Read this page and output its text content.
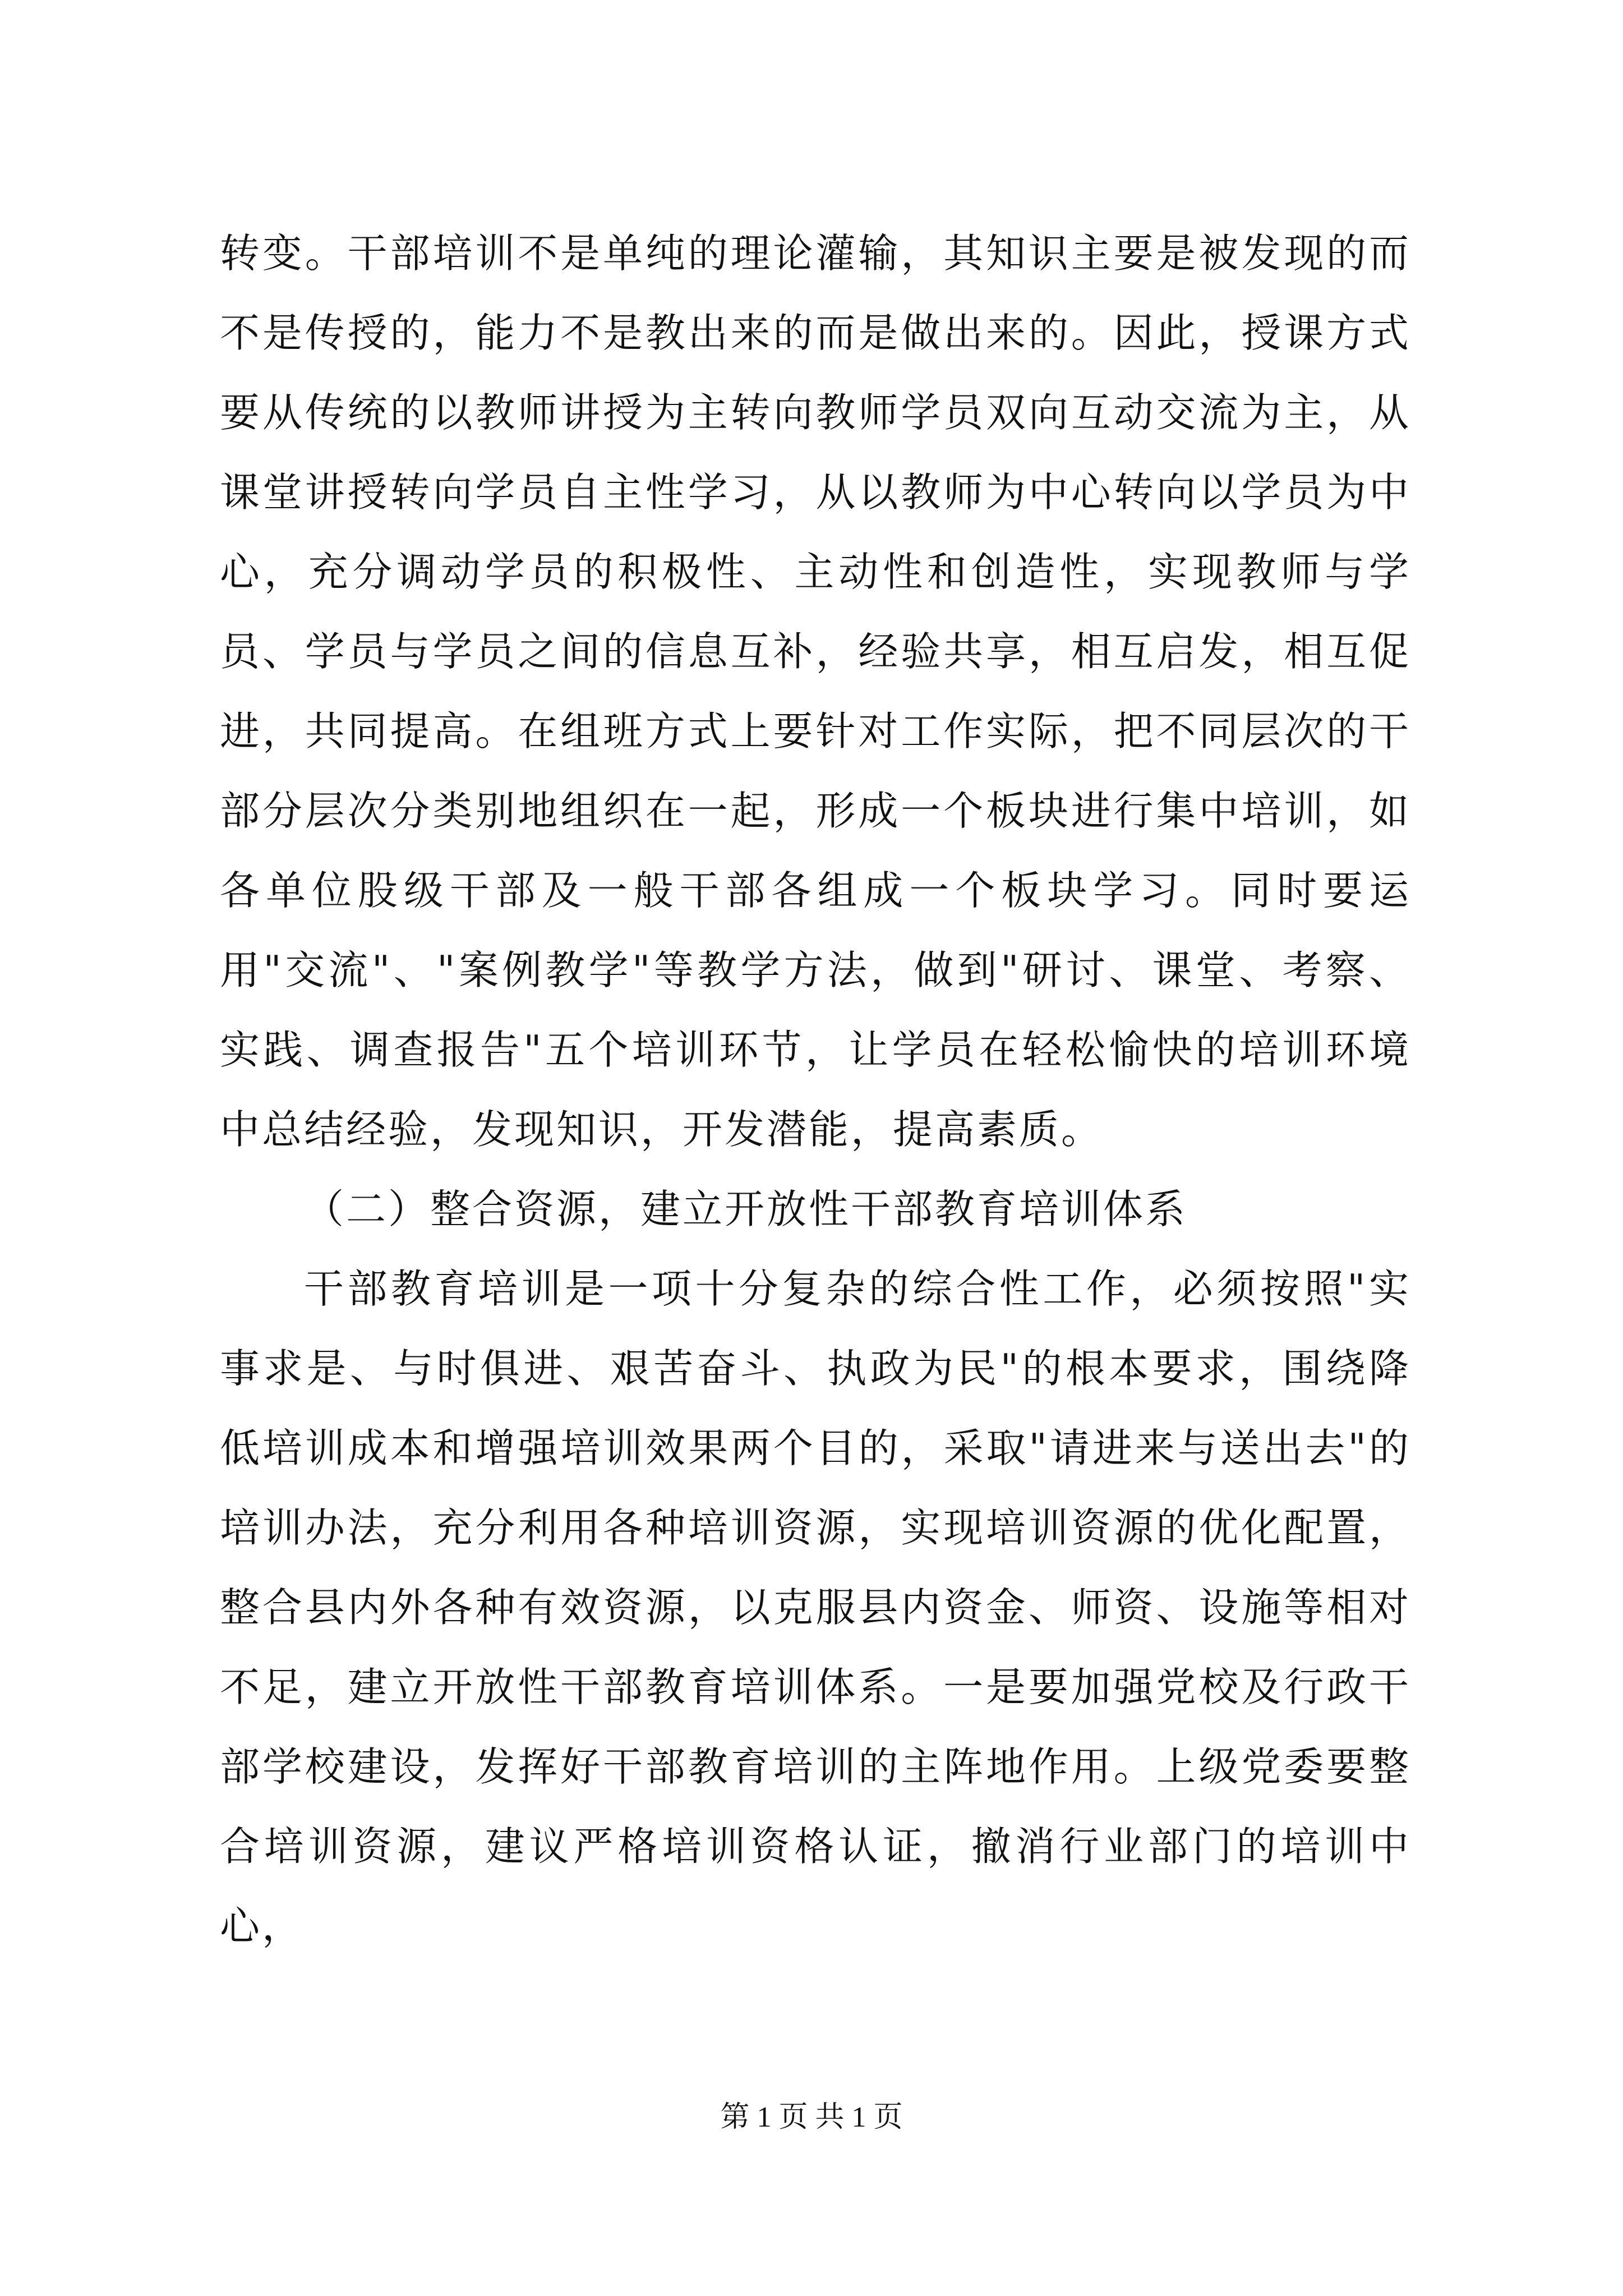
转变。干部培训不是单纯的理论灌输，其知识主要是被发现的而不是传授的，能力不是教出来的而是做出来的。因此，授课方式要从传统的以教师讲授为主转向教师学员双向互动交流为主，从课堂讲授转向学员自主性学习，从以教师为中心转向以学员为中心，充分调动学员的积极性、主动性和创造性，实现教师与学员、学员与学员之间的信息互补，经验共享，相互启发，相互促进，共同提高。在组班方式上要针对工作实际，把不同层次的干部分层次分类别地组织在一起，形成一个板块进行集中培训，如各单位股级干部及一般干部各组成一个板块学习。同时要运用"交流"、"案例教学"等教学方法，做到"研讨、课堂、考察、实践、调查报告"五个培训环节，让学员在轻松愉快的培训环境中总结经验，发现知识，开发潜能，提高素质。

（二）整合资源，建立开放性干部教育培训体系

干部教育培训是一项十分复杂的综合性工作，必须按照"实事求是、与时俱进、艰苦奋斗、执政为民"的根本要求，围绕降低培训成本和增强培训效果两个目的，采取"请进来与送出去"的培训办法，充分利用各种培训资源，实现培训资源的优化配置，整合县内外各种有效资源，以克服县内资金、师资、设施等相对不足，建立开放性干部教育培训体系。一是要加强党校及行政干部学校建设，发挥好干部教育培训的主阵地作用。上级党委要整合培训资源，建议严格培训资格认证，撤消行业部门的培训中心，

第 1 页 共 1 页
